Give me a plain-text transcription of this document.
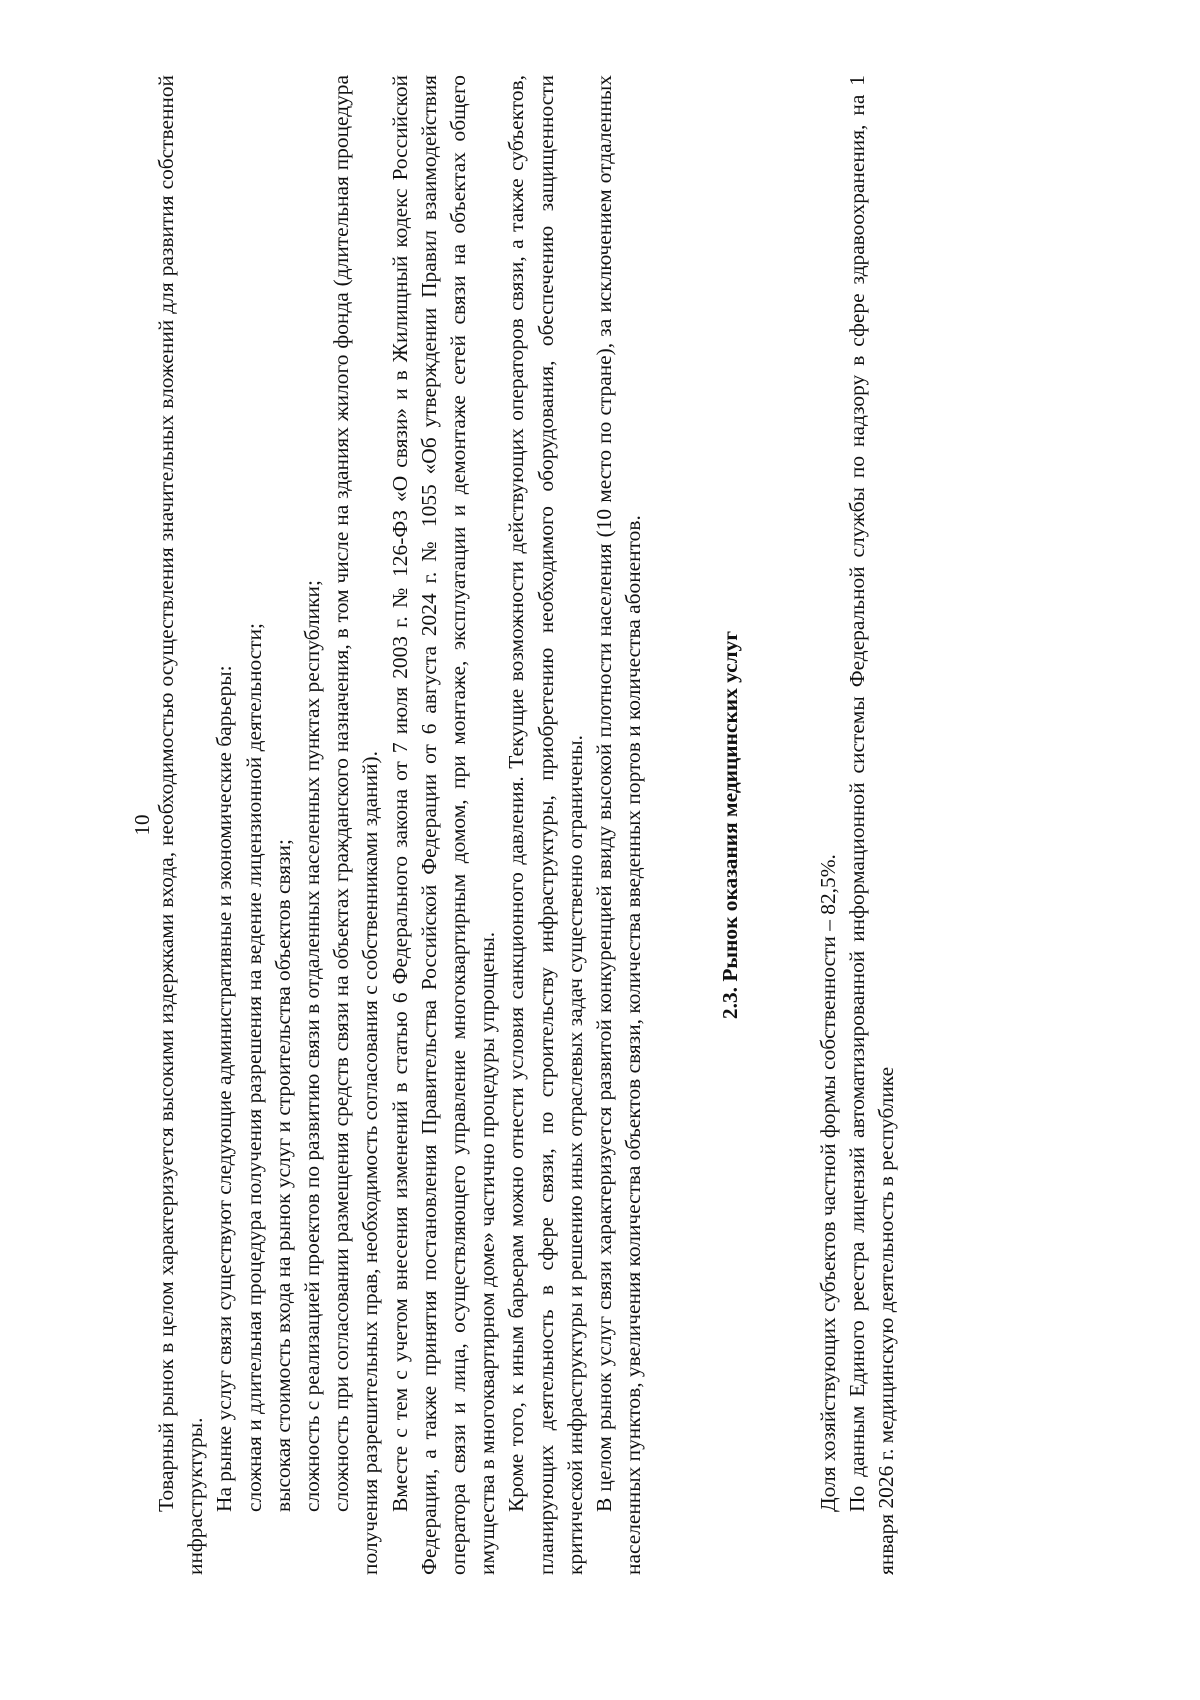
10 Товарный рынок в целом характеризуется высокими издержками входа, необходимостью осуществления значительных вложений для развития собственной инфраструктуры. На рынке услуг связи существуют следующие административные и экономические барьеры: сложная и длительная процедура получения разрешения на ведение лицензионной деятельности; высокая стоимость входа на рынок услуг и строительства объектов связи; сложность с реализацией проектов по развитию связи в отдаленных населенных пунктах республики; сложность при согласовании размещения средств связи на объектах гражданского назначения, в том числе на зданиях жилого фонда (длительная процедура получения разрешительных прав, необходимость согласования с собственниками зданий). Вместе с тем с учетом внесения изменений в статью 6 Федерального закона от 7 июля 2003 г. № 126-ФЗ «О связи» и в Жилищный кодекс Российской Федерации, а также принятия постановления Правительства Российской Федерации от 6 августа 2024 г. № 1055 «Об утверждении Правил взаимодействия оператора связи и лица, осуществляющего управление многоквартирным домом, при монтаже, эксплуатации и демонтаже сетей связи на объектах общего имущества в многоквартирном доме» частично процедуры упрощены. Кроме того, к иным барьерам можно отнести условия санкционного давления. Текущие возможности действующих операторов связи, а также субъектов, планирующих деятельность в сфере связи, по строительству инфраструктуры, приобретению необходимого оборудования, обеспечению защищенности критической инфраструктуры и решению иных отраслевых задач существенно ограничены. В целом рынок услуг связи характеризуется развитой конкуренцией ввиду высокой плотности населения (10 место по стране), за исключением отдаленных населенных пунктов, увеличения количества объектов связи, количества введенных портов и количества абонентов.	2.3. Рынок оказания медицинских услуг

Доля хозяйствующих субъектов частной формы собственности – 82,5%. По данным Единого реестра лицензий автоматизированной информационной системы Федеральной службы по надзору в сфере здравоохранения, на 1 января 2026 г. медицинскую деятельность в республике
